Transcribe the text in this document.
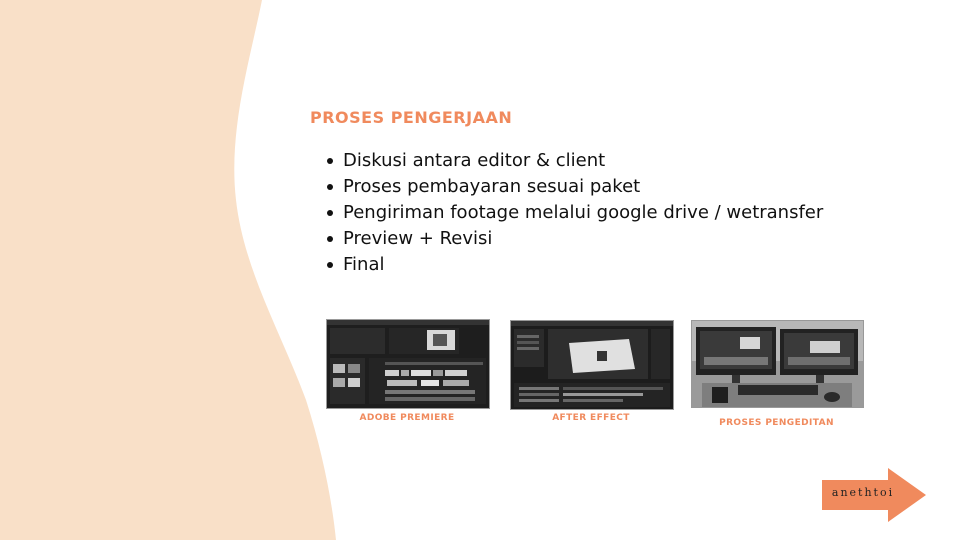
PROSES PENGERJAAN
Diskusi antara editor & client
Proses pembayaran sesuai paket
Pengiriman footage melalui google drive / wetransfer
Preview + Revisi
Final
ADOBE PREMIERE	AFTER EFFECT	PROSES PENGEDITAN
anethtoi
